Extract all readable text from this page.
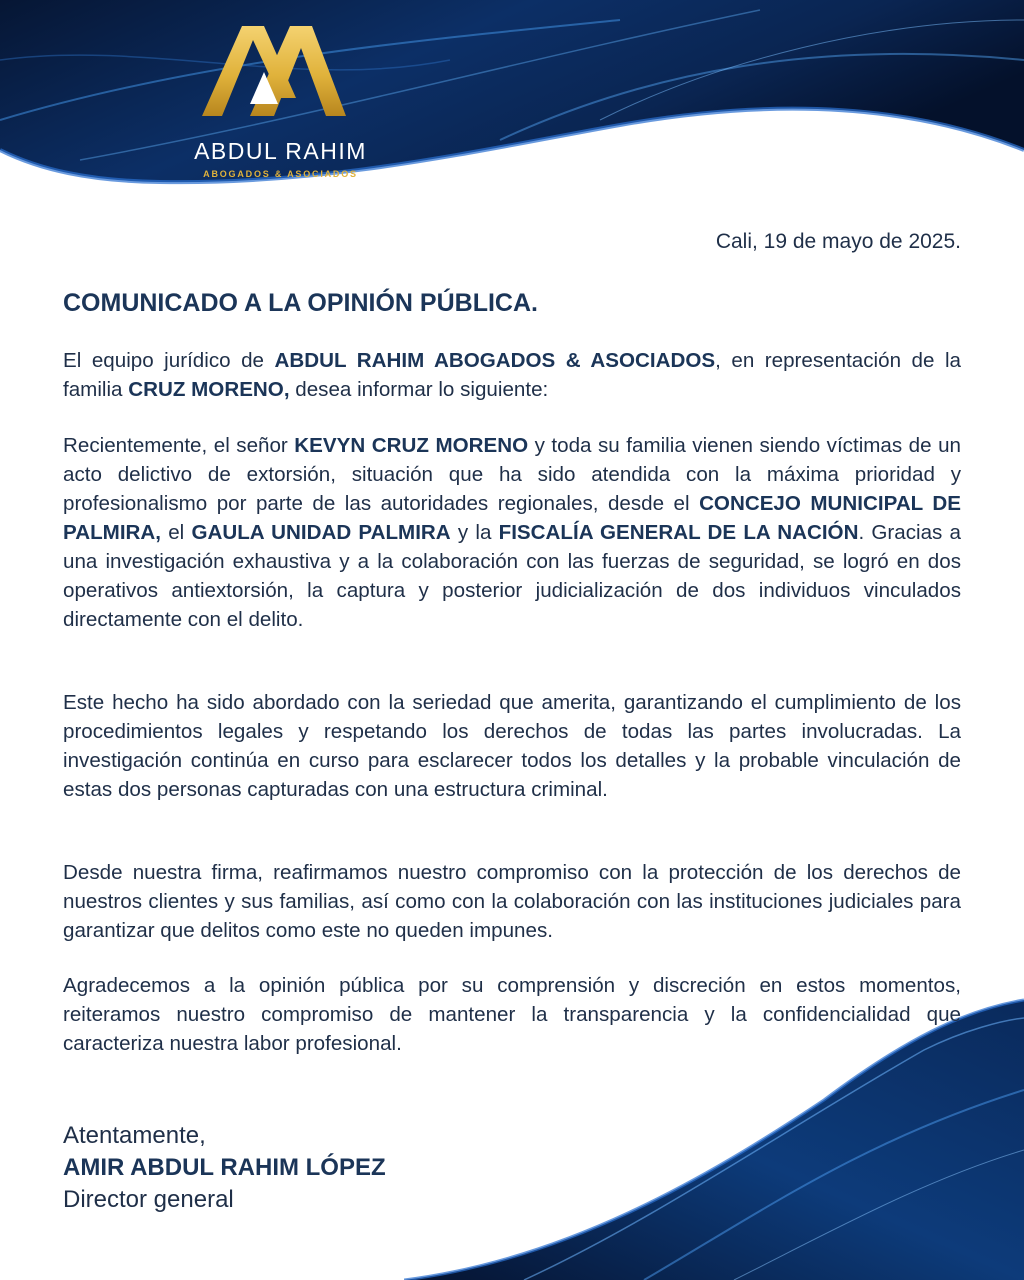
ABDUL RAHIM
ABOGADOS & ASOCIADOS
Cali, 19 de mayo de 2025.
COMUNICADO A LA OPINIÓN PÚBLICA.

El equipo jurídico de ABDUL RAHIM ABOGADOS & ASOCIADOS, en representación de la familia CRUZ MORENO, desea informar lo siguiente:

Recientemente, el señor KEVYN CRUZ MORENO y toda su familia vienen siendo víctimas de un acto delictivo de extorsión, situación que ha sido atendida con la máxima prioridad y profesionalismo por parte de las autoridades regionales, desde el CONCEJO MUNICIPAL DE PALMIRA, el GAULA UNIDAD PALMIRA y la FISCALÍA GENERAL DE LA NACIÓN. Gracias a una investigación exhaustiva y a la colaboración con las fuerzas de seguridad, se logró en dos operativos antiextorsión, la captura y posterior judicialización de dos individuos vinculados directamente con el delito.

Este hecho ha sido abordado con la seriedad que amerita, garantizando el cumplimiento de los procedimientos legales y respetando los derechos de todas las partes involucradas. La investigación continúa en curso para esclarecer todos los detalles y la probable vinculación de estas dos personas capturadas con una estructura criminal.

Desde nuestra firma, reafirmamos nuestro compromiso con la protección de los derechos de nuestros clientes y sus familias, así como con la colaboración con las instituciones judiciales para garantizar que delitos como este no queden impunes.

Agradecemos a la opinión pública por su comprensión y discreción en estos momentos, reiteramos nuestro compromiso de mantener la transparencia y la confidencialidad que caracteriza nuestra labor profesional.

Atentamente,
AMIR ABDUL RAHIM LÓPEZ
Director general
